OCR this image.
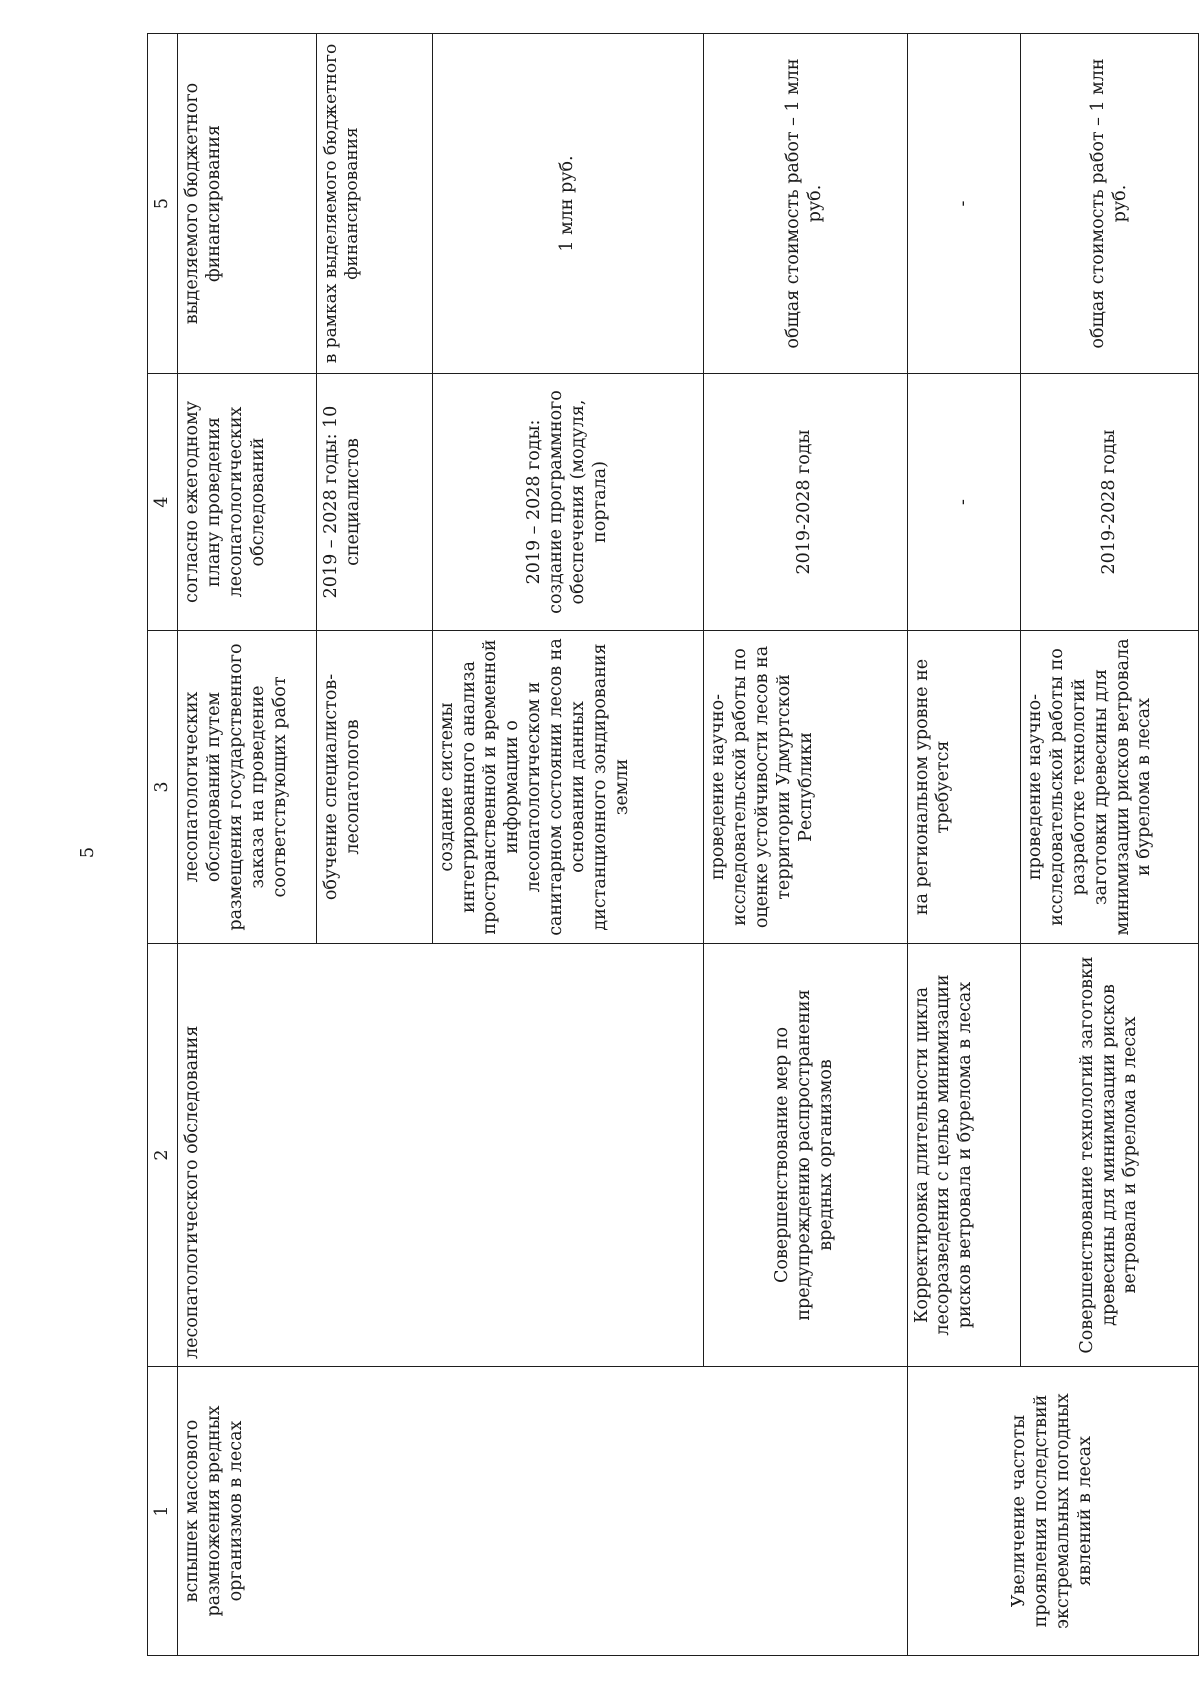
5
1	2	3	4	5
вспышек массового размножения вредных организмов в лесах	лесопатологического обследования	лесопатологических обследований путем размещения государственного заказа на проведение соответствующих работ	согласно ежегодному плану проведения лесопатологических обследований	выделяемого бюджетного финансирования
		обучение специалистов-лесопатологов	2019 – 2028 годы: 10 специалистов	в рамках выделяемого бюджетного финансирования
		создание системы интегрированного анализа пространственной и временной информации о лесопатологическом и санитарном состоянии лесов на основании данных дистанционного зондирования земли	2019 – 2028 годы: создание программного обеспечения (модуля, портала)	1 млн руб.
	Совершенствование мер по предупреждению распространения вредных организмов	проведение научно-исследовательской работы по оценке устойчивости лесов на территории Удмуртской Республики	2019-2028 годы	общая стоимость работ – 1 млн руб.
Увеличение частоты проявления последствий экстремальных погодных явлений в лесах	Корректировка длительности цикла лесоразведения с целью минимизации рисков ветровала и бурелома в лесах	на региональном уровне не требуется	-	-
	Совершенствование технологий заготовки древесины для минимизации рисков ветровала и бурелома в лесах	проведение научно-исследовательской работы по разработке технологий заготовки древесины для минимизации рисков ветровала и бурелома в лесах	2019-2028 годы	общая стоимость работ – 1 млн руб.
